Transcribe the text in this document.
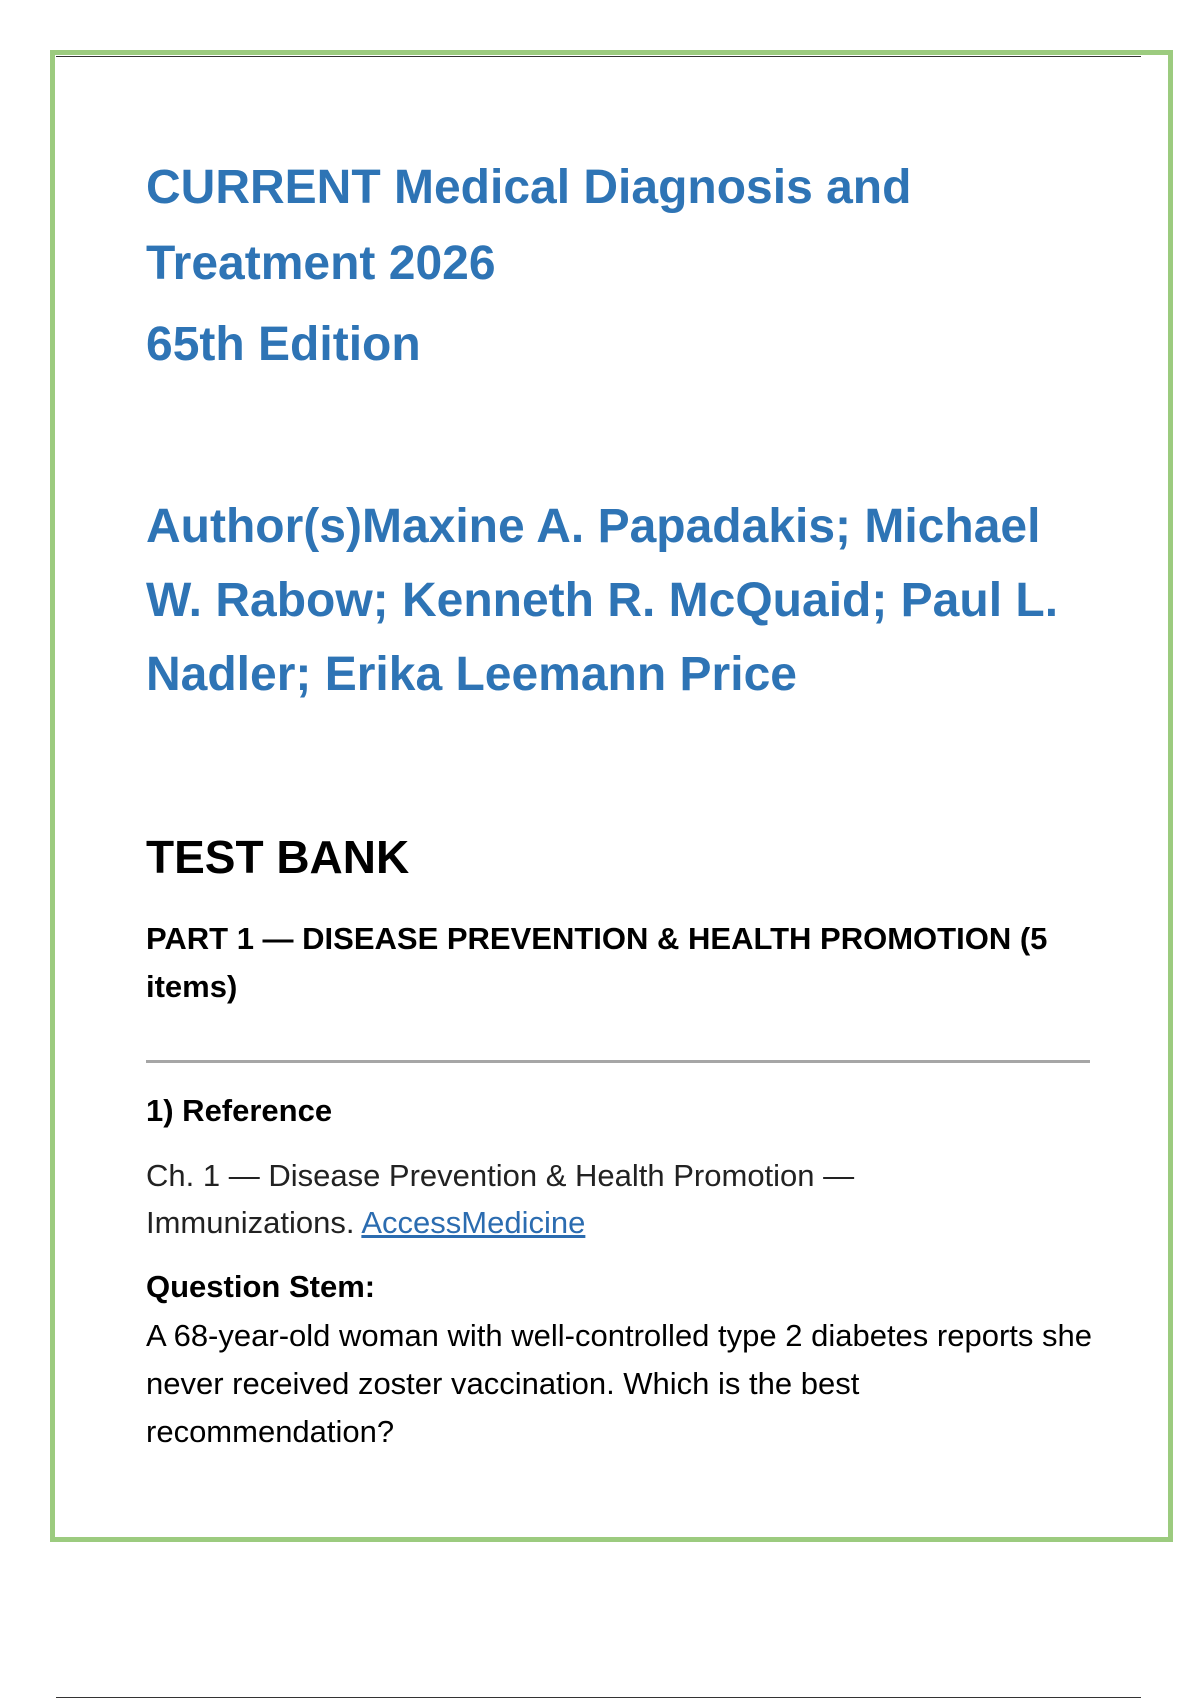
CURRENT Medical Diagnosis and Treatment 2026
65th Edition
Author(s)Maxine A. Papadakis; Michael W. Rabow; Kenneth R. McQuaid; Paul L. Nadler; Erika Leemann Price
TEST BANK
PART 1 — DISEASE PREVENTION & HEALTH PROMOTION (5 items)
1) Reference

Ch. 1 — Disease Prevention & Health Promotion — Immunizations. AccessMedicine

Question Stem:

A 68-year-old woman with well-controlled type 2 diabetes reports she never received zoster vaccination. Which is the best recommendation?
